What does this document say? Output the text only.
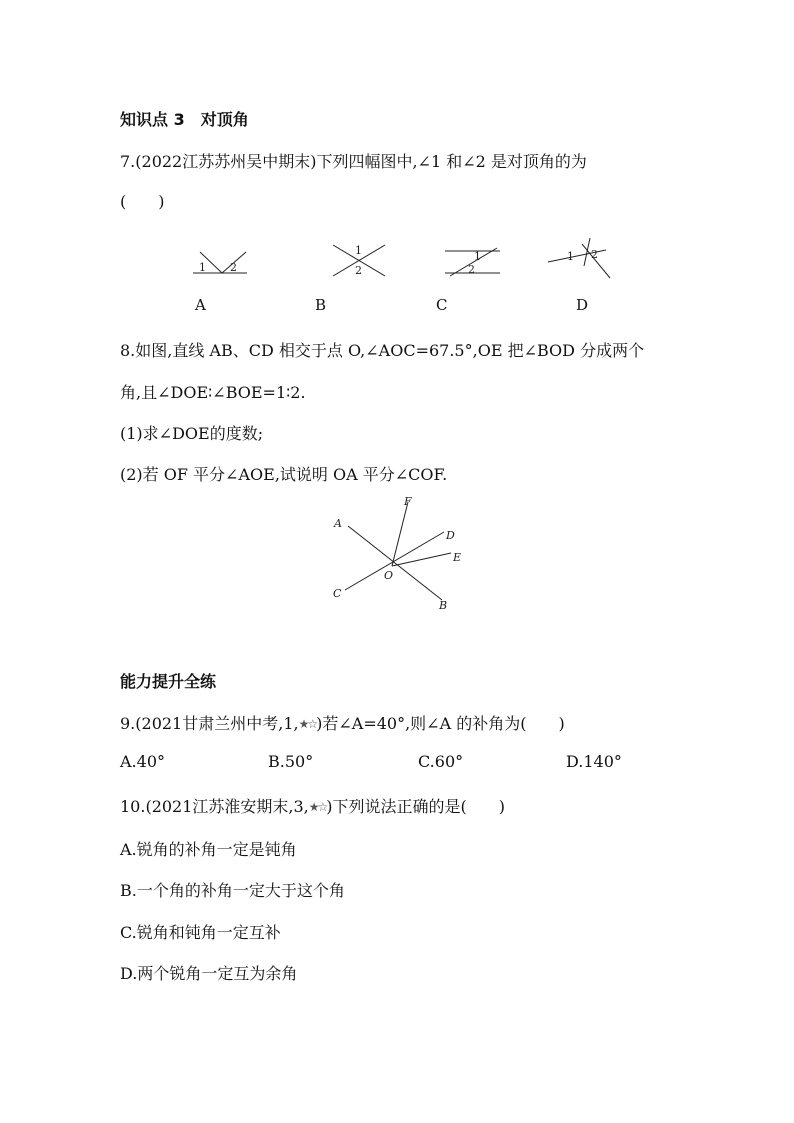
知识点 3　对顶角
7.(2022江苏苏州吴中期末)下列四幅图中,∠1 和∠2 是对顶角的为
(　　)
1 2
1
2
1
2
1 2
A	B	C	D
8.如图,直线 AB、CD 相交于点 O,∠AOC=67.5°,OE 把∠BOD 分成两个
角,且∠DOE∶∠BOE=1∶2.
(1)求∠DOE的度数;
(2)若 OF 平分∠AOE,试说明 OA 平分∠COF.
A
B
C
D
E
F
O
能力提升全练
9.(2021甘肃兰州中考,1,★☆)若∠A=40°,则∠A 的补角为(　　)
A.40°	B.50°	C.60°	D.140°
10.(2021江苏淮安期末,3,★☆)下列说法正确的是(　　)
A.锐角的补角一定是钝角
B.一个角的补角一定大于这个角
C.锐角和钝角一定互补
D.两个锐角一定互为余角
